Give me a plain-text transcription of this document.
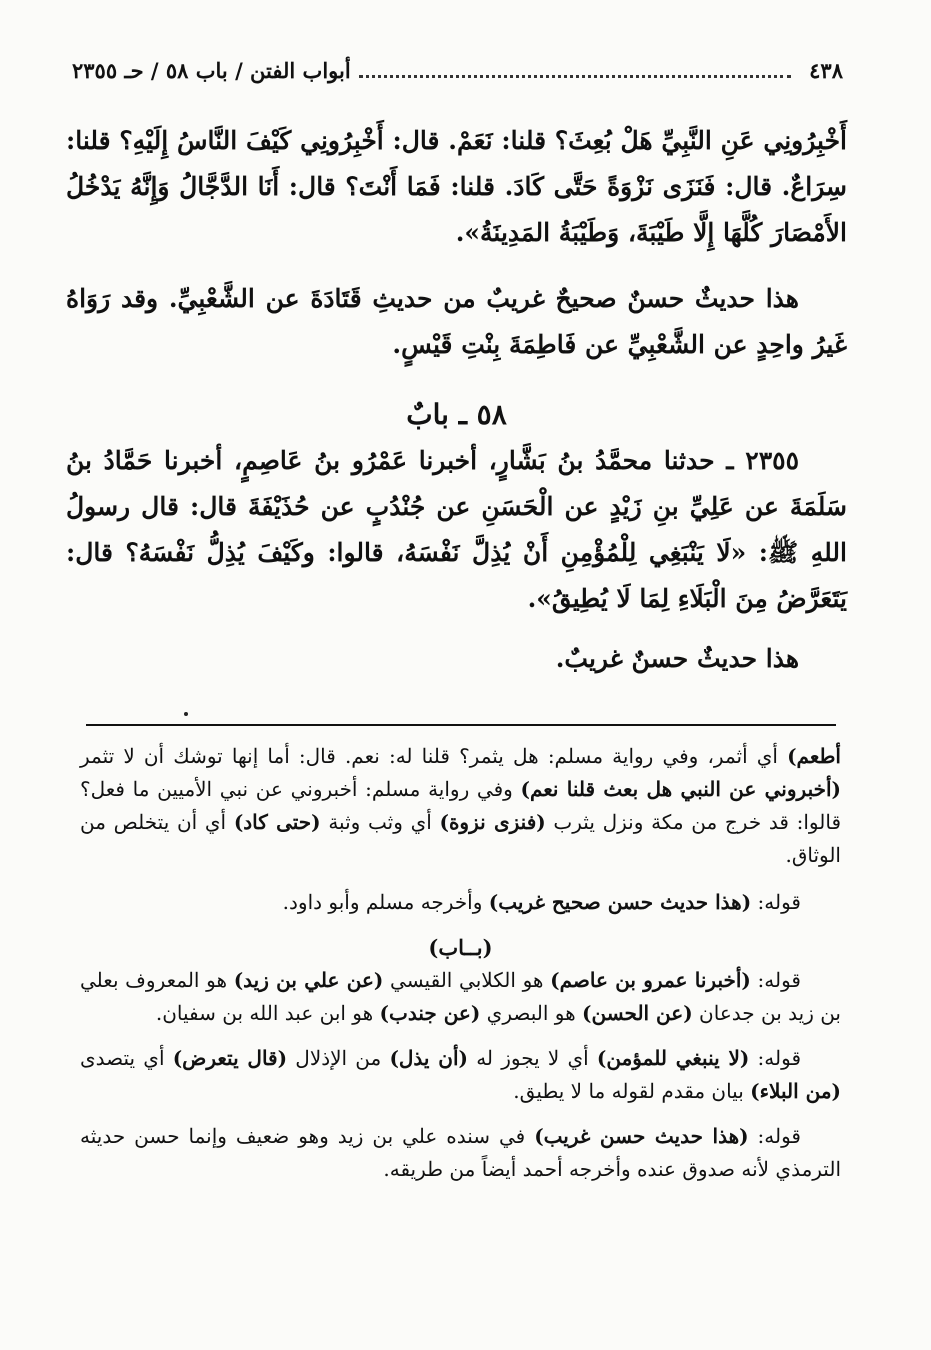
٤٣٨
أبواب الفتن / باب ٥٨ / حـ ٢٣٥٥

أَخْبِرُونِي عَنِ النَّبِيِّ هَلْ بُعِثَ؟ قلنا: نَعَمْ. قال: أَخْبِرُونِي كَيْفَ النَّاسُ إِلَيْهِ؟ قلنا: سِرَاعٌ. قال: فَنَزَى نَزْوَةً حَتَّى كَادَ. قلنا: فَمَا أَنْتَ؟ قال: أَنَا الدَّجَّالُ وَإِنَّهُ يَدْخُلُ الأَمْصَارَ كُلَّهَا إِلَّا طَيْبَةَ، وَطَيْبَةُ المَدِينَةُ».

هذا حديثٌ حسنٌ صحيحٌ غريبٌ من حديثِ قَتَادَةَ عن الشَّعْبِيِّ. وقد رَوَاهُ غَيرُ واحِدٍ عن الشَّعْبِيِّ عن فَاطِمَةَ بِنْتِ قَيْسٍ.

٥٨ ـ بابٌ

٢٣٥٥ ـ حدثنا محمَّدُ بنُ بَشَّارٍ، أخبرنا عَمْرُو بنُ عَاصِمٍ، أخبرنا حَمَّادُ بنُ سَلَمَةَ عن عَلِيِّ بنِ زَيْدٍ عن الْحَسَنِ عن جُنْدُبٍ عن حُذَيْفَةَ قال: قال رسولُ اللهِ ﷺ: «لَا يَنْبَغِي لِلْمُؤْمِنِ أَنْ يُذِلَّ نَفْسَهُ، قالوا: وكَيْفَ يُذِلُّ نَفْسَهُ؟ قال: يَتَعَرَّضُ مِنَ الْبَلَاءِ لِمَا لَا يُطِيقُ».

هذا حديثٌ حسنٌ غريبٌ.

أطعم) أي أثمر، وفي رواية مسلم: هل يثمر؟ قلنا له: نعم. قال: أما إنها توشك أن لا تثمر (أخبروني عن النبي هل بعث قلنا نعم) وفي رواية مسلم: أخبروني عن نبي الأميين ما فعل؟ قالوا: قد خرج من مكة ونزل يثرب (فنزى نزوة) أي وثب وثبة (حتى كاد) أي أن يتخلص من الوثاق.

قوله: (هذا حديث حسن صحيح غريب) وأخرجه مسلم وأبو داود.

(بــاب)

قوله: (أخبرنا عمرو بن عاصم) هو الكلابي القيسي (عن علي بن زيد) هو المعروف بعلي بن زيد بن جدعان (عن الحسن) هو البصري (عن جندب) هو ابن عبد الله بن سفيان.

قوله: (لا ينبغي للمؤمن) أي لا يجوز له (أن يذل) من الإذلال (قال يتعرض) أي يتصدى (من البلاء) بيان مقدم لقوله ما لا يطيق.

قوله: (هذا حديث حسن غريب) في سنده علي بن زيد وهو ضعيف وإنما حسن حديثه الترمذي لأنه صدوق عنده وأخرجه أحمد أيضاً من طريقه.
